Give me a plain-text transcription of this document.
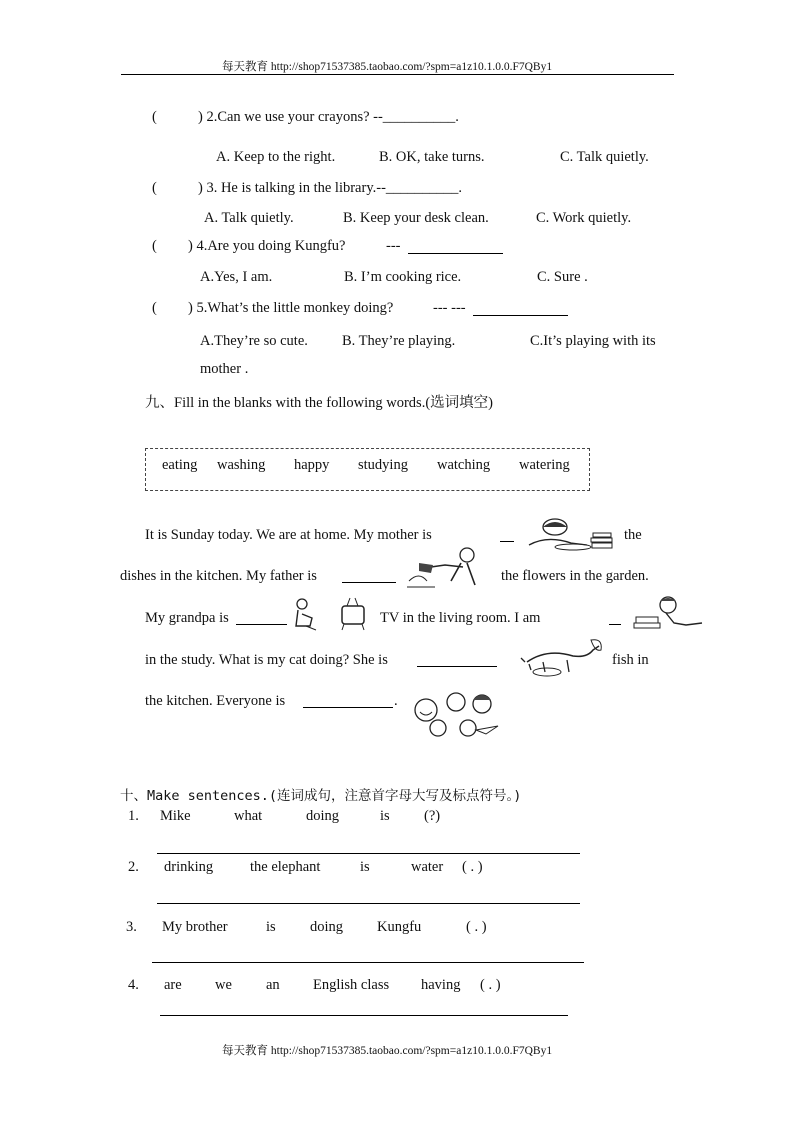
每天教育 http://shop71537385.taobao.com/?spm=a1z10.1.0.0.F7QBy1
(	) 2.Can we use your crayons? --__________.
A. Keep to the right.	B. OK, take turns.	C. Talk quietly.
(	) 3. He is talking in the library.--__________.
A. Talk quietly.	B. Keep your desk clean.	C. Work quietly.
( ) 4.Are you doing Kungfu?	---
A.Yes, I am.	B. I’m cooking rice.	C. Sure .
( ) 5.What’s the little monkey doing?	--- ---
A.They’re so cute. B. They’re playing.	C.It’s playing with its
mother .
九、Fill in the blanks with the following words.(选词填空)
eating washing happy studying watching watering
It is Sunday today. We are at home. My mother is	the
dishes in the kitchen. My father is	the flowers in the garden.
My grandpa is	TV in the living room. I am
in the study. What is my cat doing? She is	fish in
the kitchen. Everyone is	.
十、Make sentences.(连词成句，注意首字母大写及标点符号。)
1. Mike	what	doing	is (?)
2. drinking	the elephant	is	water ( . )
3. My brother	is doing Kungfu	( . )
4. are we an English class having ( . )
每天教育 http://shop71537385.taobao.com/?spm=a1z10.1.0.0.F7QBy1
